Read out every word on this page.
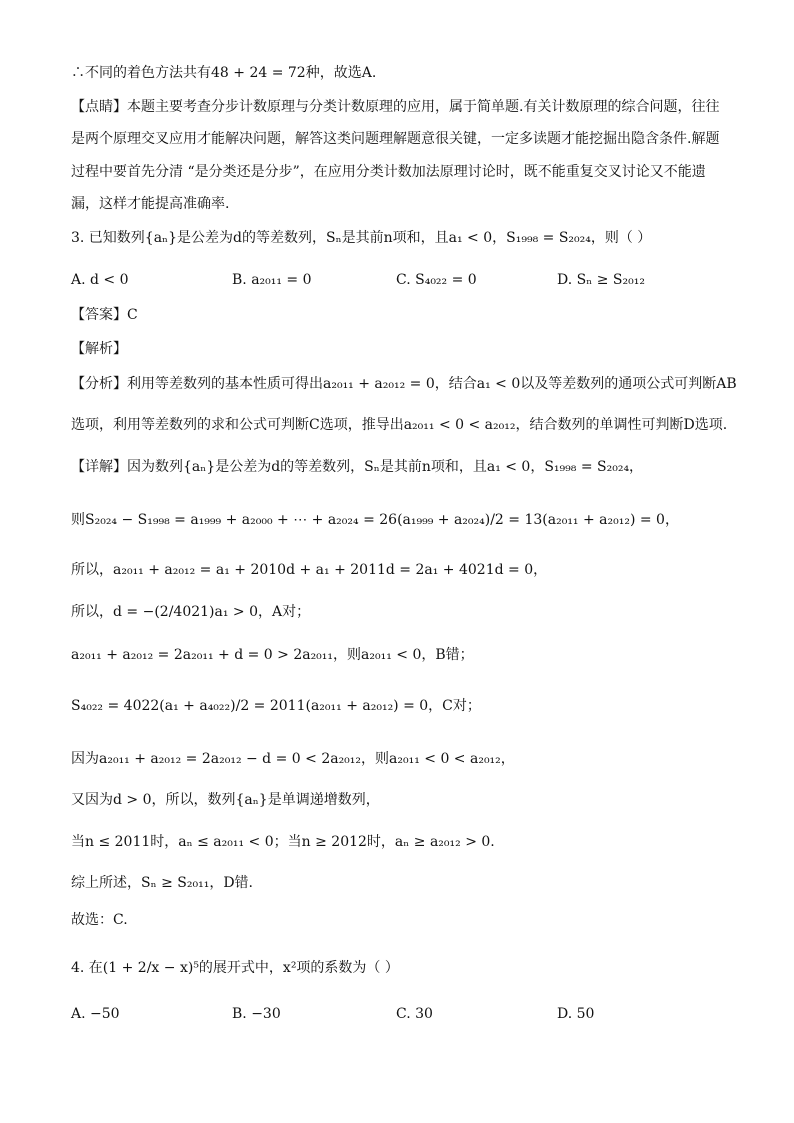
∴不同的着色方法共有48 + 24 = 72种，故选A.
【点睛】本题主要考查分步计数原理与分类计数原理的应用，属于简单题.有关计数原理的综合问题，往往
是两个原理交叉应用才能解决问题，解答这类问题理解题意很关键，一定多读题才能挖掘出隐含条件.解题
过程中要首先分清 “是分类还是分步”，在应用分类计数加法原理讨论时，既不能重复交叉讨论又不能遗
漏，这样才能提高准确率.
3. 已知数列{aₙ}是公差为d的等差数列，Sₙ是其前n项和，且a₁ < 0，S₁₉₉₈ = S₂₀₂₄，则（ ）
A. d < 0	B. a₂₀₁₁ = 0	C. S₄₀₂₂ = 0	D. Sₙ ≥ S₂₀₁₂
【答案】C
【解析】
【分析】利用等差数列的基本性质可得出a₂₀₁₁ + a₂₀₁₂ = 0，结合a₁ < 0以及等差数列的通项公式可判断AB
选项，利用等差数列的求和公式可判断C选项，推导出a₂₀₁₁ < 0 < a₂₀₁₂，结合数列的单调性可判断D选项.
【详解】因为数列{aₙ}是公差为d的等差数列，Sₙ是其前n项和，且a₁ < 0，S₁₉₉₈ = S₂₀₂₄，
则S₂₀₂₄ − S₁₉₉₈ = a₁₉₉₉ + a₂₀₀₀ + ⋯ + a₂₀₂₄ = 26(a₁₉₉₉ + a₂₀₂₄)/2 = 13(a₂₀₁₁ + a₂₀₁₂) = 0，
所以，a₂₀₁₁ + a₂₀₁₂ = a₁ + 2010d + a₁ + 2011d = 2a₁ + 4021d = 0，
所以，d = −(2/4021)a₁ > 0，A对；
a₂₀₁₁ + a₂₀₁₂ = 2a₂₀₁₁ + d = 0 > 2a₂₀₁₁，则a₂₀₁₁ < 0，B错；
S₄₀₂₂ = 4022(a₁ + a₄₀₂₂)/2 = 2011(a₂₀₁₁ + a₂₀₁₂) = 0，C对；
因为a₂₀₁₁ + a₂₀₁₂ = 2a₂₀₁₂ − d = 0 < 2a₂₀₁₂，则a₂₀₁₁ < 0 < a₂₀₁₂，
又因为d > 0，所以，数列{aₙ}是单调递增数列，
当n ≤ 2011时，aₙ ≤ a₂₀₁₁ < 0；当n ≥ 2012时，aₙ ≥ a₂₀₁₂ > 0.
综上所述，Sₙ ≥ S₂₀₁₁，D错.
故选：C.
4. 在(1 + 2/x − x)⁵的展开式中，x²项的系数为（ ）
A. −50	B. −30	C. 30	D. 50
